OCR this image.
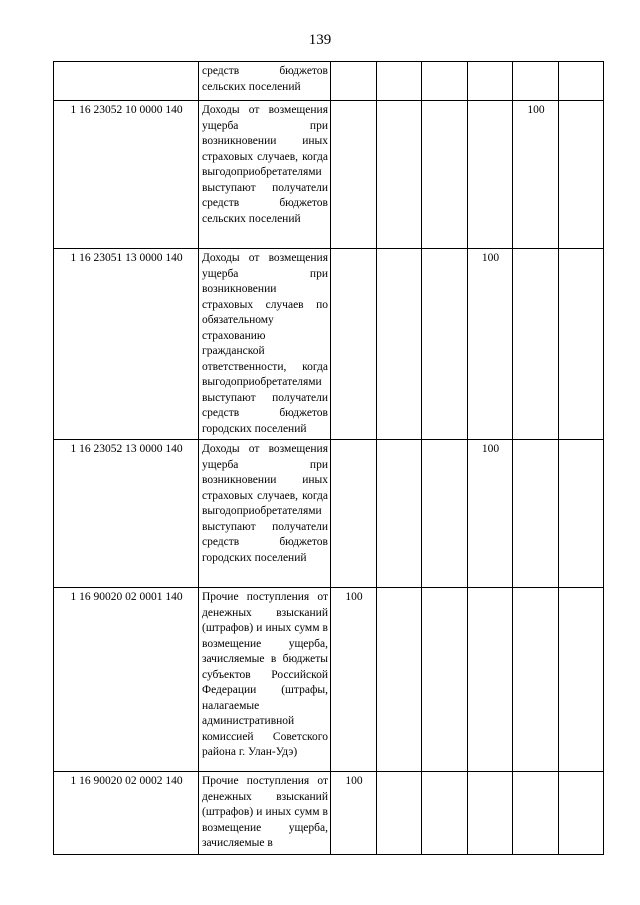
139
	средств бюджетов сельских поселений						
1 16 23052 10 0000 140	Доходы от возмещения ущерба при возникновении иных страховых случаев, когда выгодоприобретателями выступают получатели средств бюджетов сельских поселений					100	
1 16 23051 13 0000 140	Доходы от возмещения ущерба при возникновении страховых случаев по обязательному страхованию гражданской ответственности, когда выгодоприобретателями выступают получатели средств бюджетов городских поселений				100		
1 16 23052 13 0000 140	Доходы от возмещения ущерба при возникновении иных страховых случаев, когда выгодоприобретателями выступают получатели средств бюджетов городских поселений				100		
1 16 90020 02 0001 140	Прочие поступления от денежных взысканий (штрафов) и иных сумм в возмещение ущерба, зачисляемые в бюджеты субъектов Российской Федерации (штрафы, налагаемые административной комиссией Советского района г. Улан-Удэ)	100					
1 16 90020 02 0002 140	Прочие поступления от денежных взысканий (штрафов) и иных сумм в возмещение ущерба, зачисляемые в	100					
